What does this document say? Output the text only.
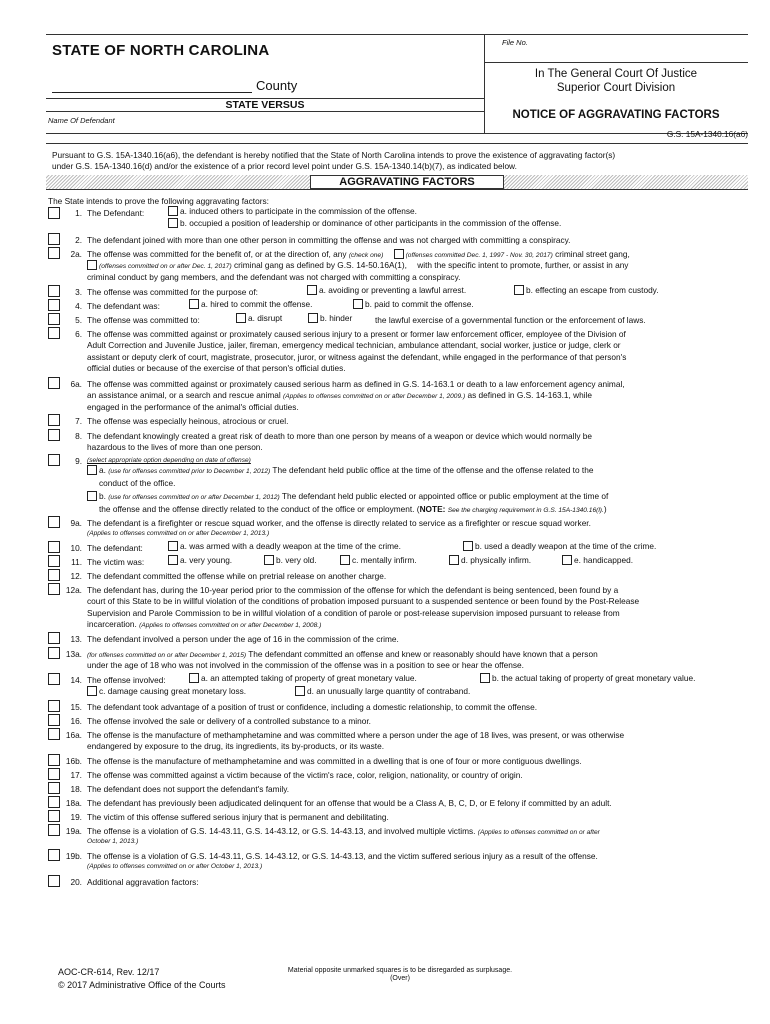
STATE OF NORTH CAROLINA	File No.
County
In The General Court Of Justice
Superior Court Division
STATE VERSUS
Name Of Defendant	NOTICE OF AGGRAVATING FACTORS
G.S. 15A-1340.16(a6)
Pursuant to G.S. 15A-1340.16(a6), the defendant is hereby notified that the State of North Carolina intends to prove the existence of aggravating factor(s)
under G.S. 15A-1340.16(d) and/or the existence of a prior record level point under G.S. 15A-1340.14(b)(7), as indicated below.
AGGRAVATING FACTORS
The State intends to prove the following aggravating factors:
1. The Defendant:	a. induced others to participate in the commission of the offense.
b. occupied a position of leadership or dominance of other participants in the commission of the offense.
2. The defendant joined with more than one other person in committing the offense and was not charged with committing a conspiracy.
2a. The offense was committed for the benefit of, or at the direction of, any (check one)	(offenses committed Dec. 1, 1997 - Nov. 30, 2017) criminal street gang,
(offenses committed on or after Dec. 1, 2017) criminal gang as defined by G.S. 14-50.16A(1), with the specific intent to promote, further, or assist in any
criminal conduct by gang members, and the defendant was not charged with committing a conspiracy.
3. The offense was committed for the purpose of:	a. avoiding or preventing a lawful arrest.	b. effecting an escape from custody.
4. The defendant was:	a. hired to commit the offense.	b. paid to commit the offense.
5. The offense was committed to:	a. disrupt	b. hinder	the lawful exercise of a governmental function or the enforcement of laws.
6. The offense was committed against or proximately caused serious injury to a present or former law enforcement officer, employee of the Division of
Adult Correction and Juvenile Justice, jailer, fireman, emergency medical technician, ambulance attendant, social worker, justice or judge, clerk or
assistant or deputy clerk of court, magistrate, prosecutor, juror, or witness against the defendant, while engaged in the performance of that person's
official duties or because of the exercise of that person's official duties.
6a. The offense was committed against or proximately caused serious harm as defined in G.S. 14-163.1 or death to a law enforcement agency animal,
an assistance animal, or a search and rescue animal (Applies to offenses committed on or after December 1, 2009.) as defined in G.S. 14-163.1, while
engaged in the performance of the animal's official duties.
7. The offense was especially heinous, atrocious or cruel.
8. The defendant knowingly created a great risk of death to more than one person by means of a weapon or device which would normally be
hazardous to the lives of more than one person.
9. (select appropriate option depending on date of offense)
a. (use for offenses committed prior to December 1, 2012) The defendant held public office at the time of the offense and the offense related to the
conduct of the office.
b. (use for offenses committed on or after December 1, 2012) The defendant held public elected or appointed office or public employment at the time of
the offense and the offense directly related to the conduct of the office or employment. (NOTE: See the charging requirement in G.S. 15A-1340.16(l).)
9a. The defendant is a firefighter or rescue squad worker, and the offense is directly related to service as a firefighter or rescue squad worker.
(Applies to offenses committed on or after December 1, 2013.)
10. The defendant:	a. was armed with a deadly weapon at the time of the crime.	b. used a deadly weapon at the time of the crime.
11. The victim was:	a. very young.	b. very old.	c. mentally infirm.	d. physically infirm.	e. handicapped.
12. The defendant committed the offense while on pretrial release on another charge.
12a. The defendant has, during the 10-year period prior to the commission of the offense for which the defendant is being sentenced, been found by a
court of this State to be in willful violation of the conditions of probation imposed pursuant to a suspended sentence or been found by the Post-Release
Supervision and Parole Commission to be in willful violation of a condition of parole or post-release supervision imposed pursuant to release from
incarceration. (Applies to offenses committed on or after December 1, 2008.)
13. The defendant involved a person under the age of 16 in the commission of the crime.
13a. (for offenses committed on or after December 1, 2015) The defendant committed an offense and knew or reasonably should have known that a person
under the age of 18 who was not involved in the commission of the offense was in a position to see or hear the offense.
14. The offense involved:	a. an attempted taking of property of great monetary value.	b. the actual taking of property of great monetary value.
c. damage causing great monetary loss.	d. an unusually large quantity of contraband.
15. The defendant took advantage of a position of trust or confidence, including a domestic relationship, to commit the offense.
16. The offense involved the sale or delivery of a controlled substance to a minor.
16a. The offense is the manufacture of methamphetamine and was committed where a person under the age of 18 lives, was present, or was otherwise
endangered by exposure to the drug, its ingredients, its by-products, or its waste.
16b. The offense is the manufacture of methamphetamine and was committed in a dwelling that is one of four or more contiguous dwellings.
17. The offense was committed against a victim because of the victim's race, color, religion, nationality, or country of origin.
18. The defendant does not support the defendant's family.
18a. The defendant has previously been adjudicated delinquent for an offense that would be a Class A, B, C, D, or E felony if committed by an adult.
19. The victim of this offense suffered serious injury that is permanent and debilitating.
19a. The offense is a violation of G.S. 14-43.11, G.S. 14-43.12, or G.S. 14-43.13, and involved multiple victims. (Applies to offenses committed on or after
October 1, 2013.)
19b. The offense is a violation of G.S. 14-43.11, G.S. 14-43.12, or G.S. 14-43.13, and the victim suffered serious injury as a result of the offense.
(Applies to offenses committed on or after October 1, 2013.)
20. Additional aggravation factors:
AOC-CR-614, Rev. 12/17
© 2017 Administrative Office of the Courts
Material opposite unmarked squares is to be disregarded as surplusage.
(Over)
